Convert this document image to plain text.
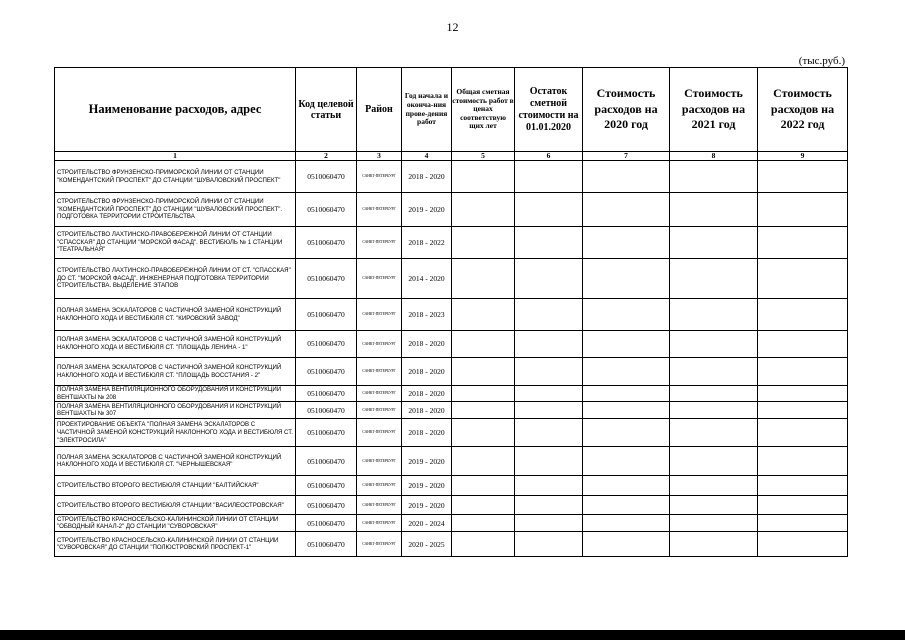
12
(тыс.руб.)
Наименование расходов, адрес	Код целевой статьи	Район	Год начала и оконча-ния прове-дения работ	Общая сметная стоимость работ в ценах соответствую щих лет	Остаток сметной стоимости на 01.01.2020	Стоимость расходов на 2020 год	Стоимость расходов на 2021 год	Стоимость расходов на 2022 год
1	2	3	4	5	6	7	8	9
СТРОИТЕЛЬСТВО ФРУНЗЕНСКО-ПРИМОРСКОЙ ЛИНИИ ОТ СТАНЦИИ "КОМЕНДАНТСКИЙ ПРОСПЕКТ" ДО СТАНЦИИ "ШУВАЛОВСКИЙ ПРОСПЕКТ"	0510060470	САНКТ-ПЕТЕРБУРГ	2018 - 2020					
СТРОИТЕЛЬСТВО ФРУНЗЕНСКО-ПРИМОРСКОЙ ЛИНИИ ОТ СТАНЦИИ "КОМЕНДАНТСКИЙ ПРОСПЕКТ" ДО СТАНЦИИ "ШУВАЛОВСКИЙ ПРОСПЕКТ". ПОДГОТОВКА ТЕРРИТОРИИ СТРОИТЕЛЬСТВА	0510060470	САНКТ-ПЕТЕРБУРГ	2019 - 2020					
СТРОИТЕЛЬСТВО ЛАХТИНСКО-ПРАВОБЕРЕЖНОЙ ЛИНИИ ОТ СТАНЦИИ "СПАССКАЯ" ДО СТАНЦИИ "МОРСКОЙ ФАСАД". ВЕСТИБЮЛЬ № 1 СТАНЦИИ "ТЕАТРАЛЬНАЯ"	0510060470	САНКТ-ПЕТЕРБУРГ	2018 - 2022					
СТРОИТЕЛЬСТВО ЛАХТИНСКО-ПРАВОБЕРЕЖНОЙ ЛИНИИ ОТ СТ. "СПАССКАЯ" ДО СТ. "МОРСКОЙ ФАСАД". ИНЖЕНЕРНАЯ ПОДГОТОВКА ТЕРРИТОРИИ СТРОИТЕЛЬСТВА. ВЫДЕЛЕНИЕ ЭТАПОВ	0510060470	САНКТ-ПЕТЕРБУРГ	2014 - 2020					
ПОЛНАЯ ЗАМЕНА ЭСКАЛАТОРОВ С ЧАСТИЧНОЙ ЗАМЕНОЙ КОНСТРУКЦИЙ НАКЛОННОГО ХОДА И ВЕСТИБЮЛЯ СТ. "КИРОВСКИЙ ЗАВОД"	0510060470	САНКТ-ПЕТЕРБУРГ	2018 - 2023					
ПОЛНАЯ ЗАМЕНА ЭСКАЛАТОРОВ С ЧАСТИЧНОЙ ЗАМЕНОЙ КОНСТРУКЦИЙ НАКЛОННОГО ХОДА И ВЕСТИБЮЛЯ СТ. "ПЛОЩАДЬ ЛЕНИНА - 1"	0510060470	САНКТ-ПЕТЕРБУРГ	2018 - 2020					
ПОЛНАЯ ЗАМЕНА ЭСКАЛАТОРОВ С ЧАСТИЧНОЙ ЗАМЕНОЙ КОНСТРУКЦИЙ НАКЛОННОГО ХОДА И ВЕСТИБЮЛЯ СТ. "ПЛОЩАДЬ ВОССТАНИЯ - 2"	0510060470	САНКТ-ПЕТЕРБУРГ	2018 - 2020					
ПОЛНАЯ ЗАМЕНА ВЕНТИЛЯЦИОННОГО ОБОРУДОВАНИЯ И КОНСТРУКЦИЙ ВЕНТШАХТЫ № 208	0510060470	САНКТ-ПЕТЕРБУРГ	2018 - 2020					
ПОЛНАЯ ЗАМЕНА ВЕНТИЛЯЦИОННОГО ОБОРУДОВАНИЯ И КОНСТРУКЦИЙ ВЕНТШАХТЫ № 307	0510060470	САНКТ-ПЕТЕРБУРГ	2018 - 2020					
ПРОЕКТИРОВАНИЕ ОБЪЕКТА "ПОЛНАЯ ЗАМЕНА ЭСКАЛАТОРОВ С ЧАСТИЧНОЙ ЗАМЕНОЙ КОНСТРУКЦИЙ НАКЛОННОГО ХОДА И ВЕСТИБЮЛЯ СТ. "ЭЛЕКТРОСИЛА"	0510060470	САНКТ-ПЕТЕРБУРГ	2018 - 2020					
ПОЛНАЯ ЗАМЕНА ЭСКАЛАТОРОВ С ЧАСТИЧНОЙ ЗАМЕНОЙ КОНСТРУКЦИЙ НАКЛОННОГО ХОДА И ВЕСТИБЮЛЯ СТ. "ЧЕРНЫШЕВСКАЯ"	0510060470	САНКТ-ПЕТЕРБУРГ	2019 - 2020					
СТРОИТЕЛЬСТВО ВТОРОГО ВЕСТИБЮЛЯ СТАНЦИИ "БАЛТИЙСКАЯ"	0510060470	САНКТ-ПЕТЕРБУРГ	2019 - 2020					
СТРОИТЕЛЬСТВО ВТОРОГО ВЕСТИБЮЛЯ СТАНЦИИ "ВАСИЛЕОСТРОВСКАЯ"	0510060470	САНКТ-ПЕТЕРБУРГ	2019 - 2020					
СТРОИТЕЛЬСТВО КРАСНОСЕЛЬСКО-КАЛИНИНСКОЙ ЛИНИИ ОТ СТАНЦИИ "ОБВОДНЫЙ КАНАЛ-2" ДО СТАНЦИИ "СУВОРОВСКАЯ"	0510060470	САНКТ-ПЕТЕРБУРГ	2020 - 2024					
СТРОИТЕЛЬСТВО КРАСНОСЕЛЬСКО-КАЛИНИНСКОЙ ЛИНИИ ОТ СТАНЦИИ "СУВОРОВСКАЯ" ДО СТАНЦИИ "ПОЛЮСТРОВСКИЙ ПРОСПЕКТ-1"	0510060470	САНКТ-ПЕТЕРБУРГ	2020 - 2025					
